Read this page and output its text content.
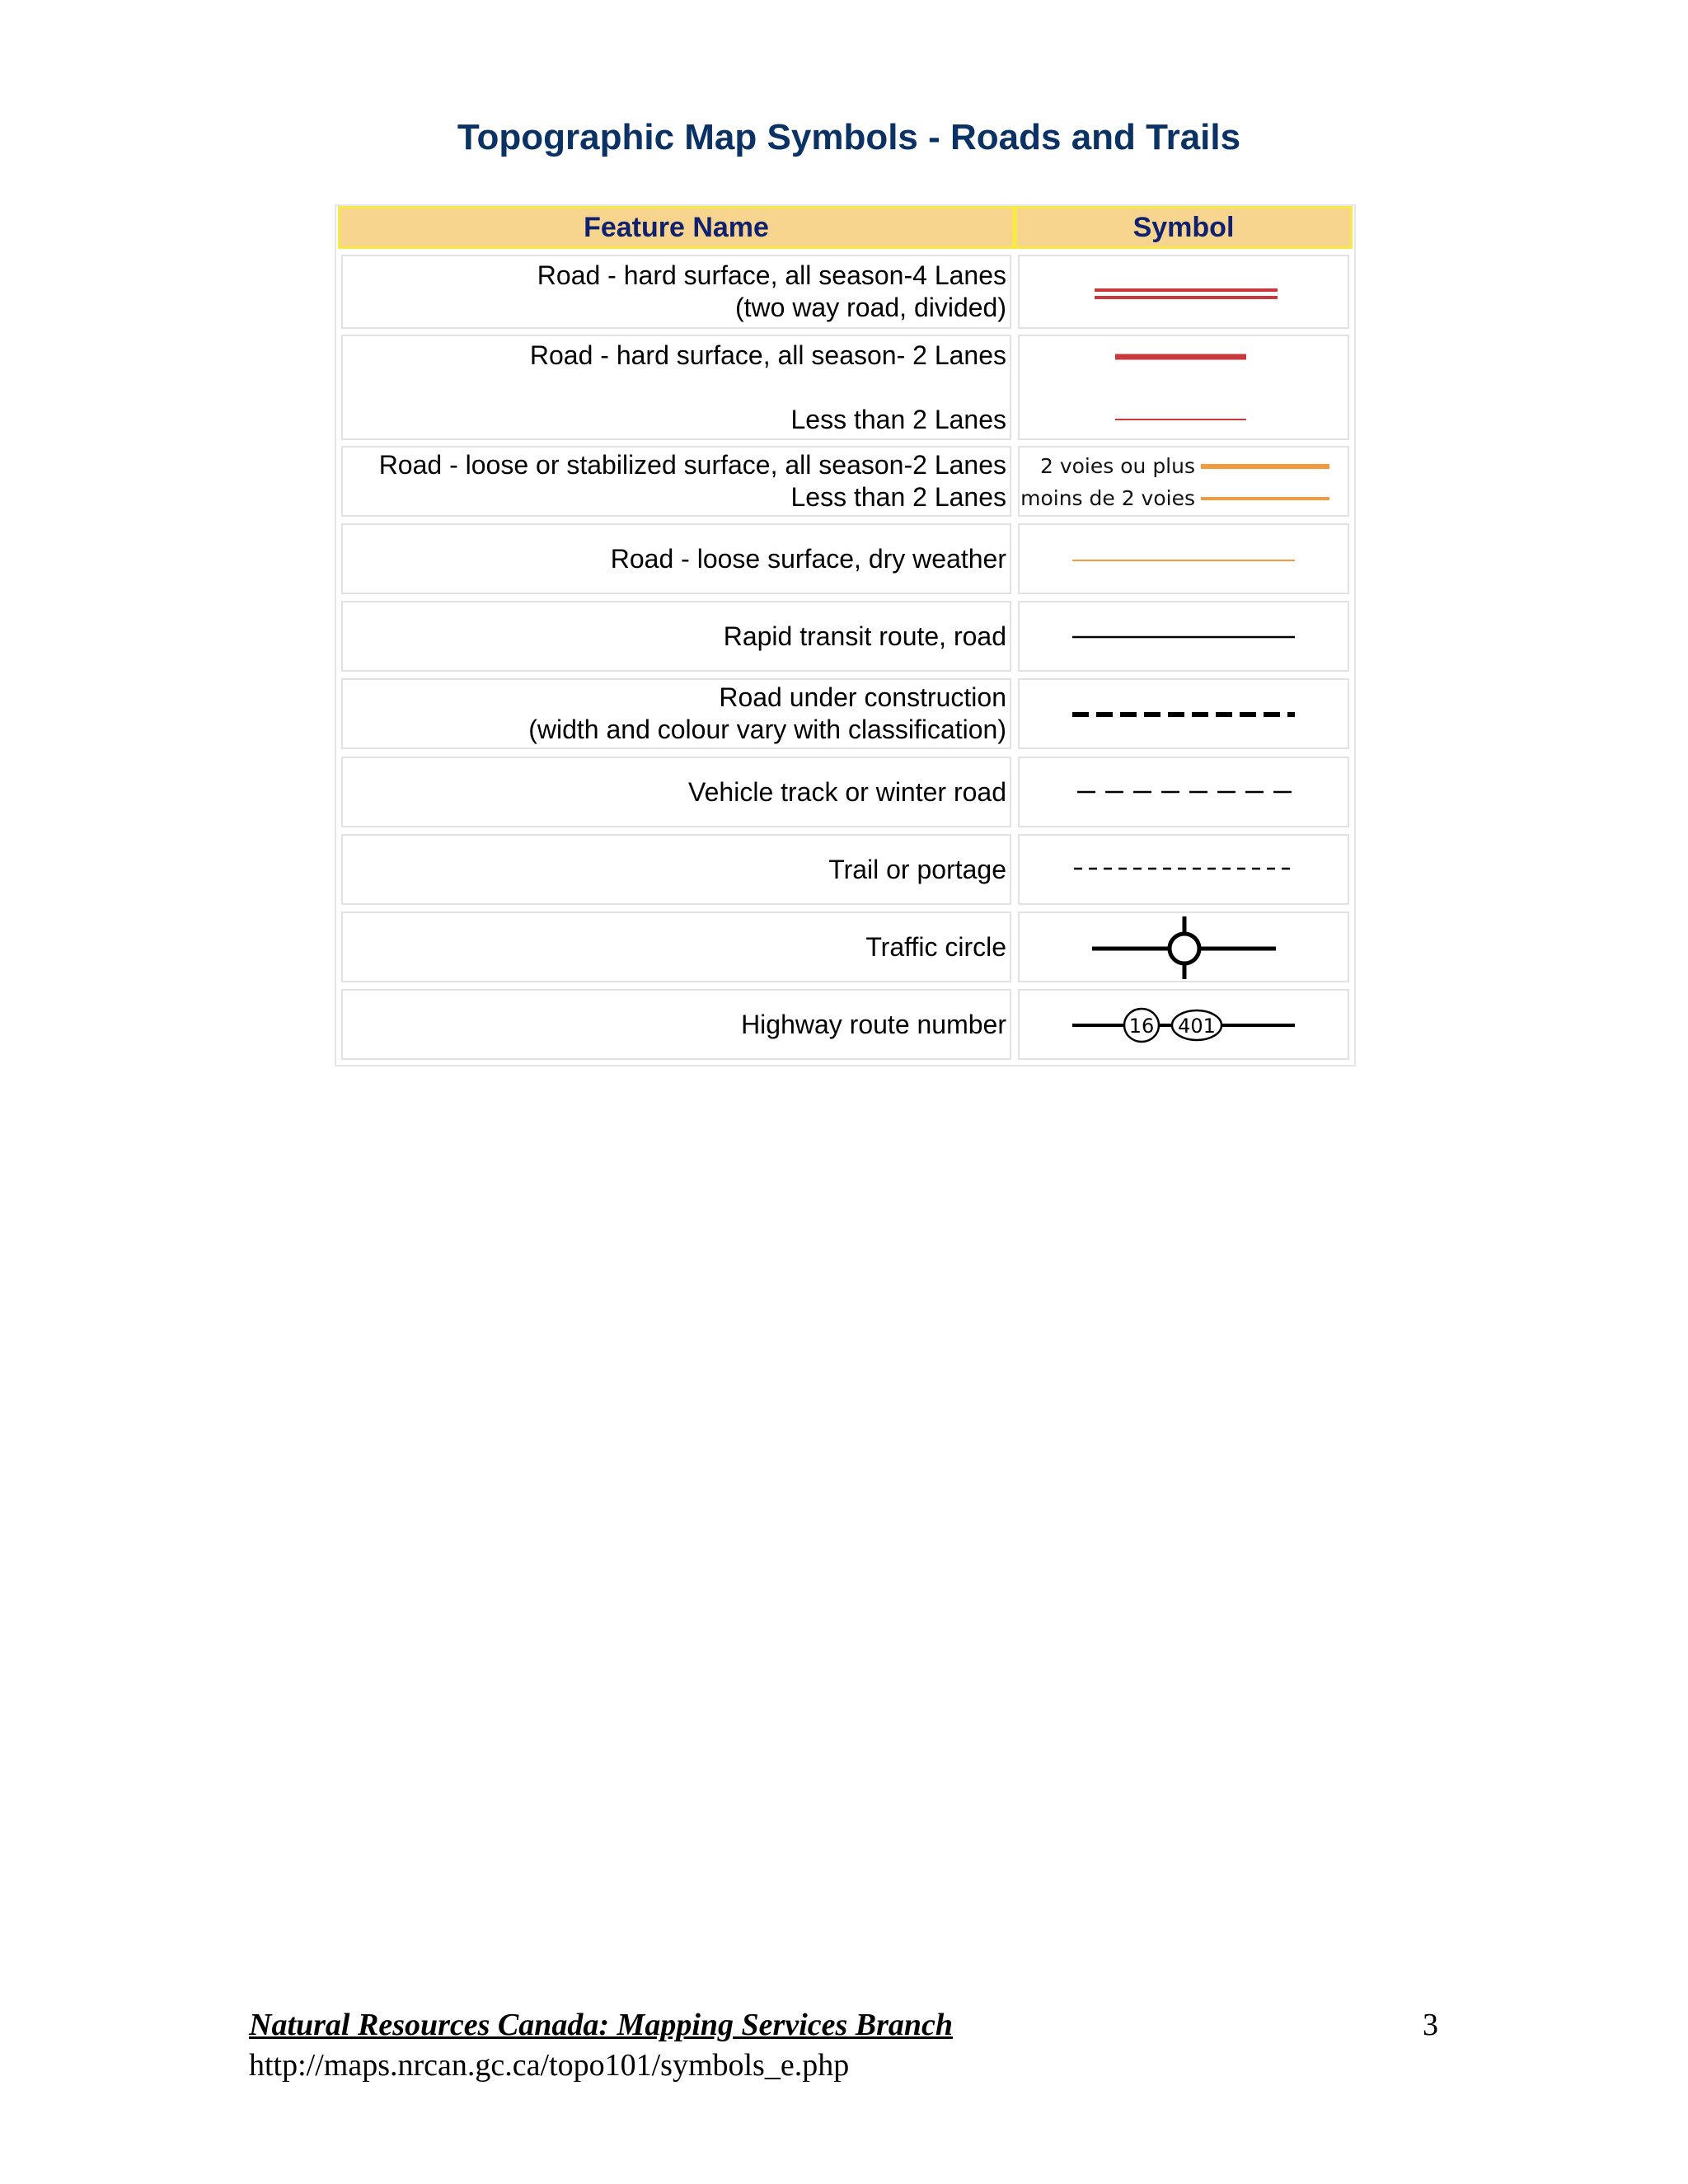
Topographic Map Symbols - Roads and Trails
Feature Name	Symbol
Road - hard surface, all season-4 Lanes
(two way road, divided)
Road - hard surface, all season- 2 Lanes
Less than 2 Lanes
Road - loose or stabilized surface, all season-2 Lanes
Less than 2 Lanes
2 voies ou plus
moins de 2 voies
Road - loose surface, dry weather
Rapid transit route, road
Road under construction
(width and colour vary with classification)
Vehicle track or winter road
Trail or portage
Traffic circle
Highway route number	16 401
Natural Resources Canada: Mapping Services Branch
http://maps.nrcan.gc.ca/topo101/symbols_e.php
3
